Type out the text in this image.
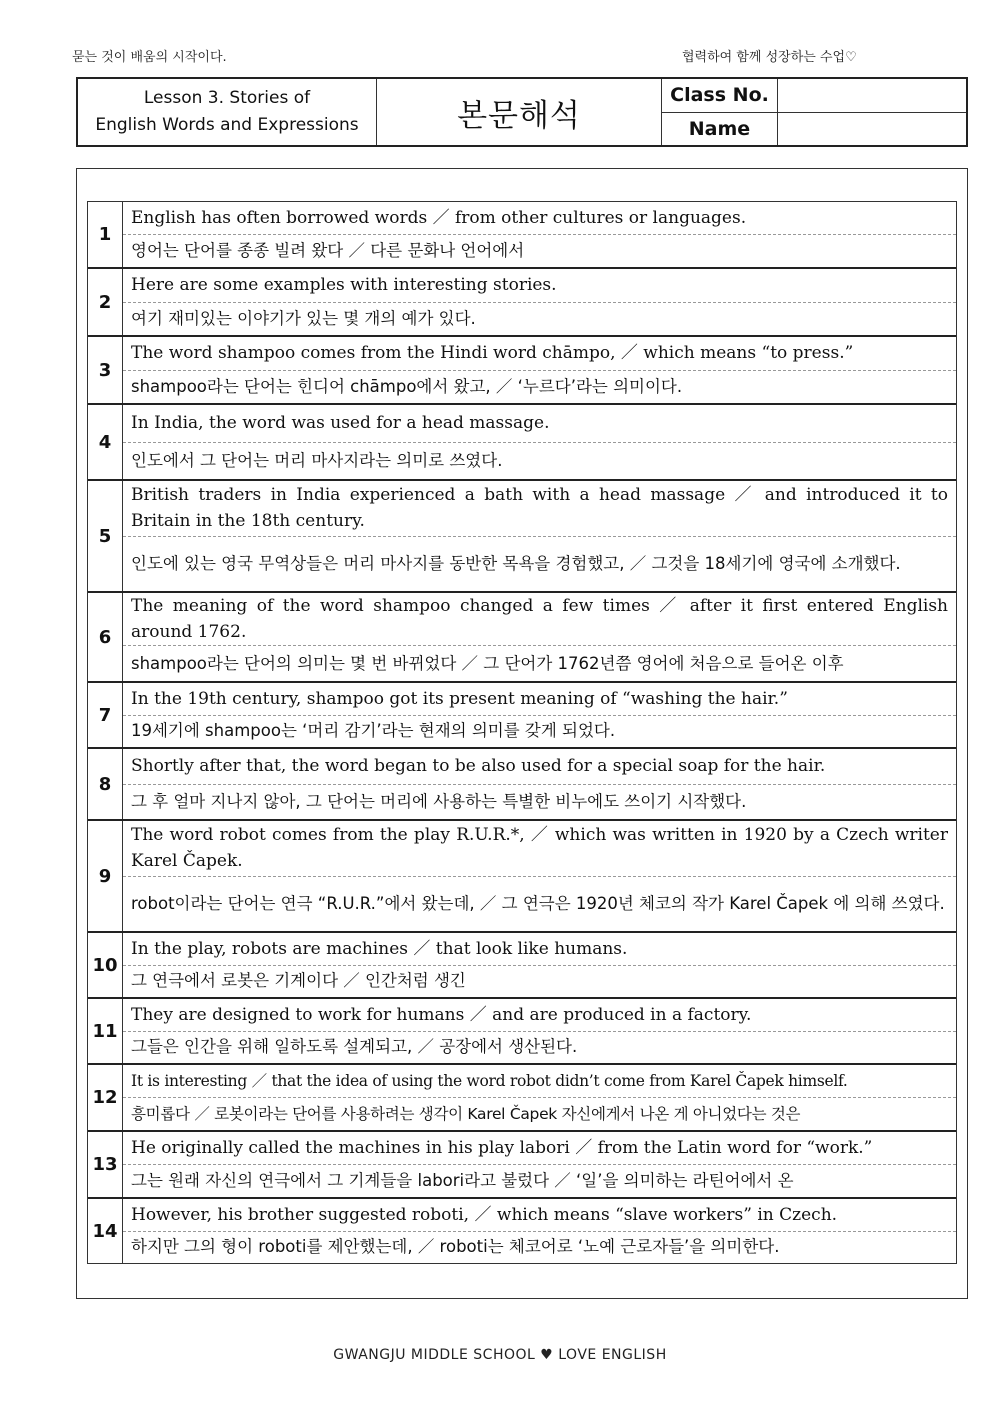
묻는 것이 배움의 시작이다.	협력하여 함께 성장하는 수업♡
Lesson 3. Stories of
English Words and Expressions	본문해석
Class No.
Name
1
English has often borrowed words ／ from other cultures or languages.
영어는 단어를 종종 빌려 왔다 ／ 다른 문화나 언어에서
2
Here are some examples with interesting stories.
여기 재미있는 이야기가 있는 몇 개의 예가 있다.
3
The word shampoo comes from the Hindi word chāmpo, ／ which means “to press.”
shampoo라는 단어는 힌디어 chāmpo에서 왔고, ／ ‘누르다’라는 의미이다.
4
In India, the word was used for a head massage.
인도에서 그 단어는 머리 마사지라는 의미로 쓰였다.
5
British traders in India experienced a bath with a head massage ／ and introduced it to Britain in the 18th century.
인도에 있는 영국 무역상들은 머리 마사지를 동반한 목욕을 경험했고, ／ 그것을 18세기에 영국에 소개했다.
6
The meaning of the word shampoo changed a few times ／ after it first entered English around 1762.
shampoo라는 단어의 의미는 몇 번 바뀌었다 ／ 그 단어가 1762년쯤 영어에 처음으로 들어온 이후
7
In the 19th century, shampoo got its present meaning of “washing the hair.”
19세기에 shampoo는 ‘머리 감기’라는 현재의 의미를 갖게 되었다.
8
Shortly after that, the word began to be also used for a special soap for the hair.
그 후 얼마 지나지 않아, 그 단어는 머리에 사용하는 특별한 비누에도 쓰이기 시작했다.
9
The word robot comes from the play R.U.R.*, ／ which was written in 1920 by a Czech writer Karel Čapek.
robot이라는 단어는 연극 “R.U.R.”에서 왔는데, ／ 그 연극은 1920년 체코의 작가 Karel Čapek 에 의해 쓰였다.
10
In the play, robots are machines ／ that look like humans.
그 연극에서 로봇은 기계이다 ／ 인간처럼 생긴
11
They are designed to work for humans ／ and are produced in a factory.
그들은 인간을 위해 일하도록 설계되고, ／ 공장에서 생산된다.
12
It is interesting ／ that the idea of using the word robot didn’t come from Karel Čapek himself.
흥미롭다 ／ 로봇이라는 단어를 사용하려는 생각이 Karel Čapek 자신에게서 나온 게 아니었다는 것은
13
He originally called the machines in his play labori ／ from the Latin word for “work.”
그는 원래 자신의 연극에서 그 기계들을 labori라고 불렀다 ／ ‘일’을 의미하는 라틴어에서 온
14
However, his brother suggested roboti, ／ which means “slave workers” in Czech.
하지만 그의 형이 roboti를 제안했는데, ／ roboti는 체코어로 ‘노예 근로자들’을 의미한다.
GWANGJU MIDDLE SCHOOL ♥ LOVE ENGLISH
